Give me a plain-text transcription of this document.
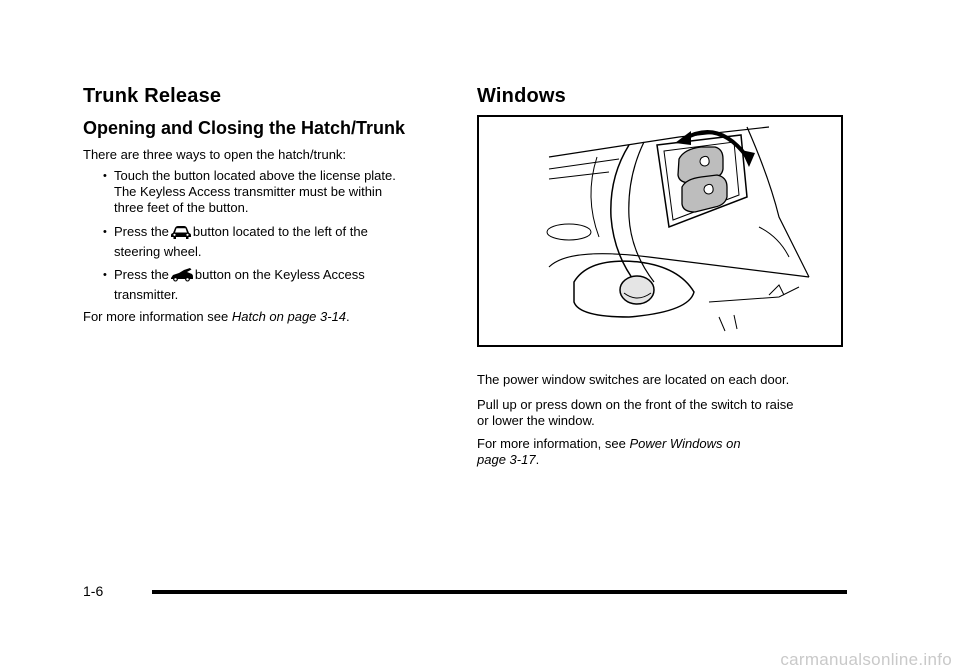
Trunk Release
Opening and Closing the Hatch/Trunk

There are three ways to open the hatch/trunk:

• Touch the button located above the license plate.
The Keyless Access transmitter must be within
three feet of the button.
• Press the button located to the left of the
steering wheel.
• Press the button on the Keyless Access
transmitter.

For more information see Hatch on page 3-14.

Windows

The power window switches are located on each door.

Pull up or press down on the front of the switch to raise
or lower the window.
For more information, see Power Windows on
page 3-17.
1-6
carmanualsonline.info
